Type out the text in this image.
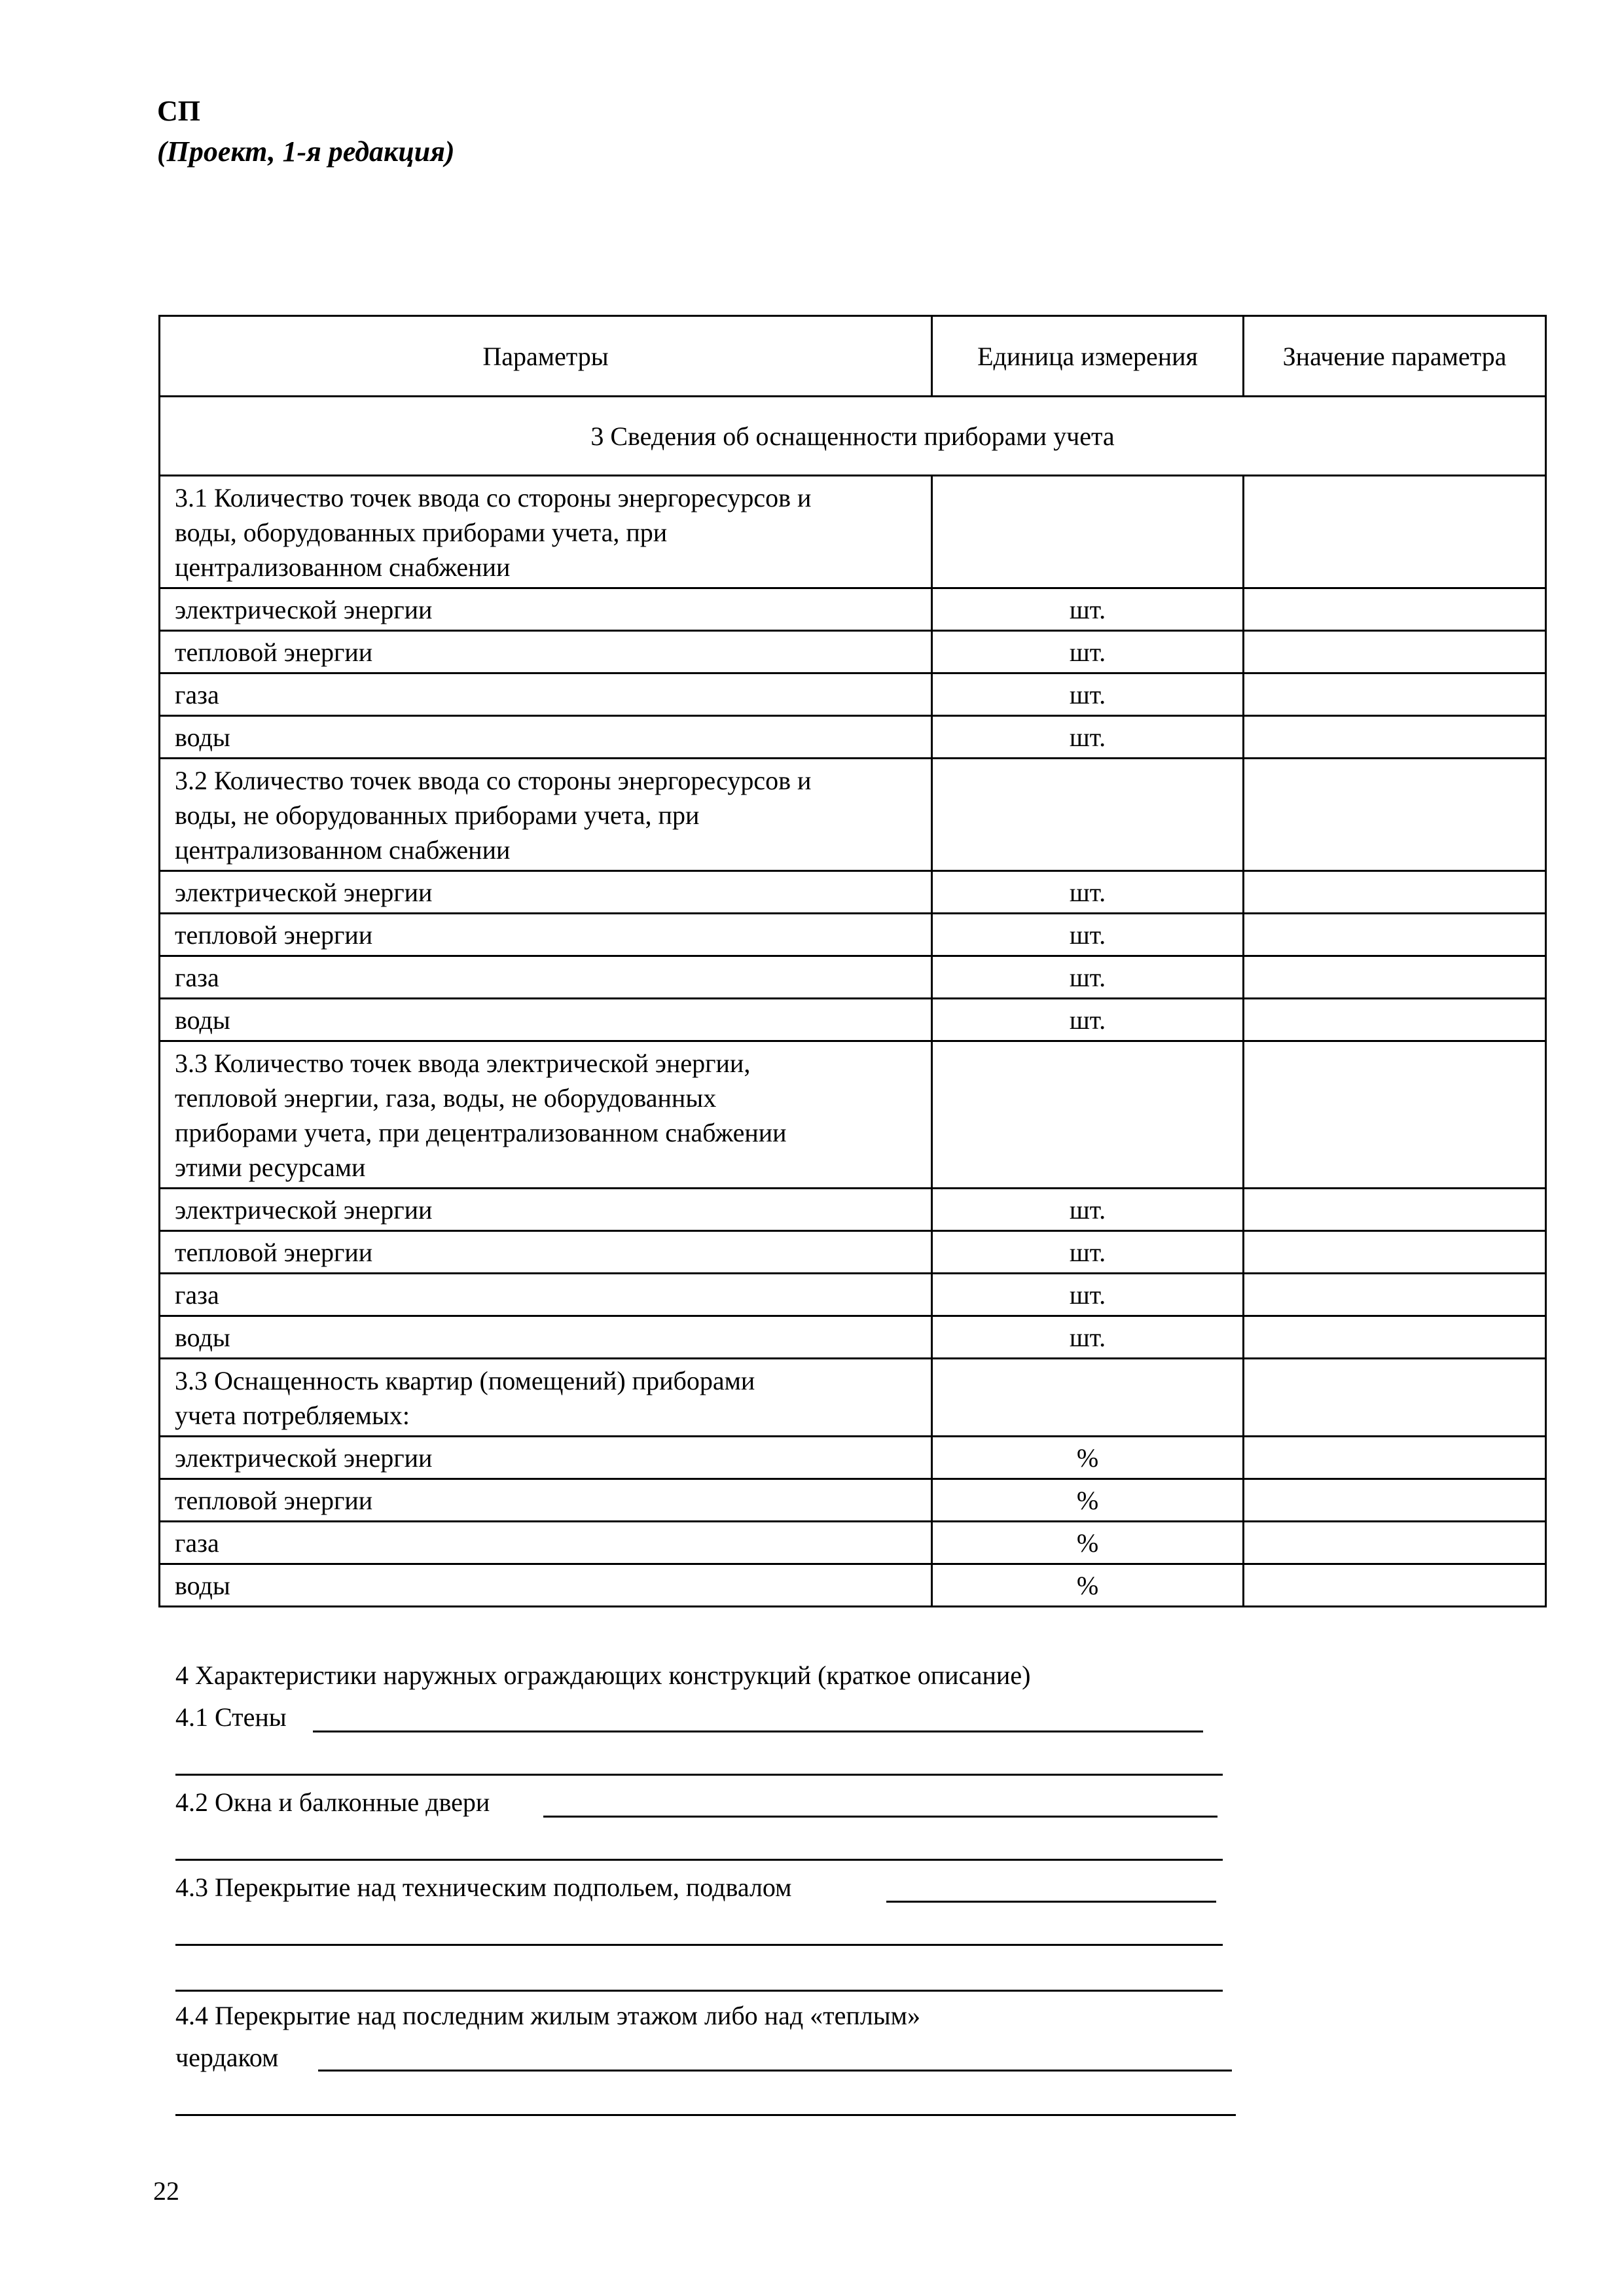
СП
(Проект, 1-я редакция)
Параметры	Единица измерения	Значение параметра
3 Сведения об оснащенности приборами учета		

3.1 Количество точек ввода со стороны энергоресурсов и
воды, оборудованных приборами учета, при
централизованном снабжении		

электрической энергии	шт.	
тепловой энергии	шт.	
газа	шт.	
воды	шт.	

3.2 Количество точек ввода со стороны энергоресурсов и
воды, не оборудованных приборами учета, при
централизованном снабжении		

электрической энергии	шт.	
тепловой энергии	шт.	
газа	шт.	
воды	шт.	

3.3 Количество точек ввода электрической энергии,
тепловой энергии, газа, воды, не оборудованных
приборами учета, при децентрализованном снабжении
этими ресурсами		

электрической энергии	шт.	
тепловой энергии	шт.	
газа	шт.	
воды	шт.	

3.3 Оснащенность квартир (помещений) приборами
учета потребляемых:		

электрической энергии	%	
тепловой энергии	%	
газа	%	
воды	%	
4 Характеристики наружных ограждающих конструкций (краткое описание)
4.1 Стены
4.2 Окна и балконные двери
4.3 Перекрытие над техническим подпольем, подвалом
4.4 Перекрытие над последним жилым этажом либо над «теплым»
чердаком
22
